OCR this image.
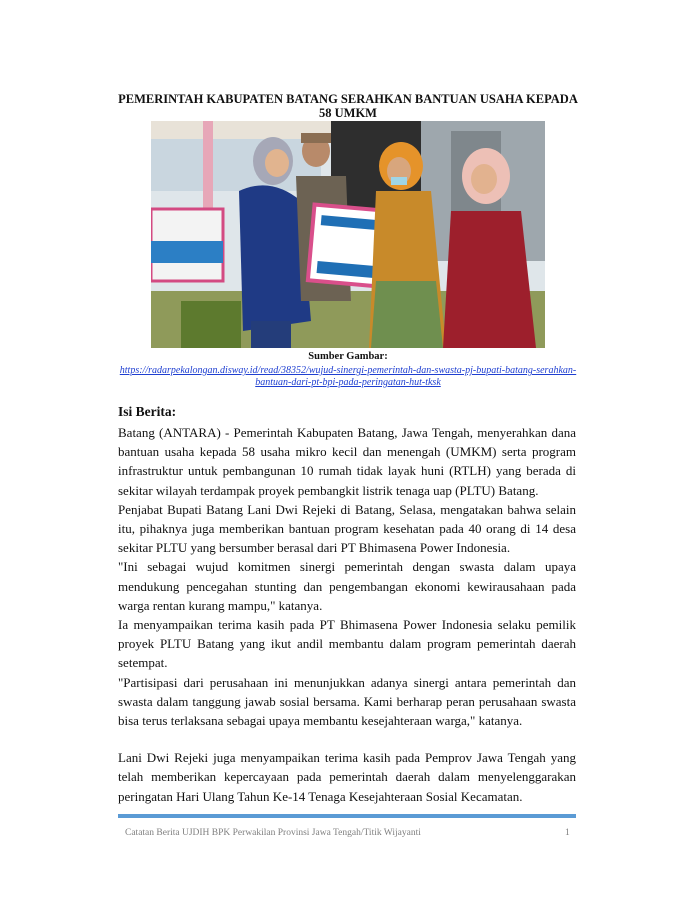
PEMERINTAH KABUPATEN BATANG SERAHKAN BANTUAN USAHA KEPADA 58 UMKM
Sumber Gambar:
https://radarpekalongan.disway.id/read/38352/wujud-sinergi-pemerintah-dan-swasta-pj-bupati-batang-serahkan-bantuan-dari-pt-bpi-pada-peringatan-hut-tksk
Isi Berita:

Batang (ANTARA) - Pemerintah Kabupaten Batang, Jawa Tengah, menyerahkan dana bantuan usaha kepada 58 usaha mikro kecil dan menengah (UMKM) serta program infrastruktur untuk pembangunan 10 rumah tidak layak huni (RTLH) yang berada di sekitar wilayah terdampak proyek pembangkit listrik tenaga uap (PLTU) Batang.

Penjabat Bupati Batang Lani Dwi Rejeki di Batang, Selasa, mengatakan bahwa selain itu, pihaknya juga memberikan bantuan program kesehatan pada 40 orang di 14 desa sekitar PLTU yang bersumber berasal dari PT Bhimasena Power Indonesia.

"Ini sebagai wujud komitmen sinergi pemerintah dengan swasta dalam upaya mendukung pencegahan stunting dan pengembangan ekonomi kewirausahaan pada warga rentan kurang mampu," katanya.

Ia menyampaikan terima kasih pada PT Bhimasena Power Indonesia selaku pemilik proyek PLTU Batang yang ikut andil membantu dalam program pemerintah daerah setempat.

"Partisipasi dari perusahaan ini menunjukkan adanya sinergi antara pemerintah dan swasta dalam tanggung jawab sosial bersama. Kami berharap peran perusahaan swasta bisa terus terlaksana sebagai upaya membantu kesejahteraan warga," katanya.

Lani Dwi Rejeki juga menyampaikan terima kasih pada Pemprov Jawa Tengah yang telah memberikan kepercayaan pada pemerintah daerah dalam menyelenggarakan peringatan Hari Ulang Tahun Ke-14 Tenaga Kesejahteraan Sosial Kecamatan.

Catatan Berita UJDIH BPK Perwakilan Provinsi Jawa Tengah/Titik Wijayanti	1
